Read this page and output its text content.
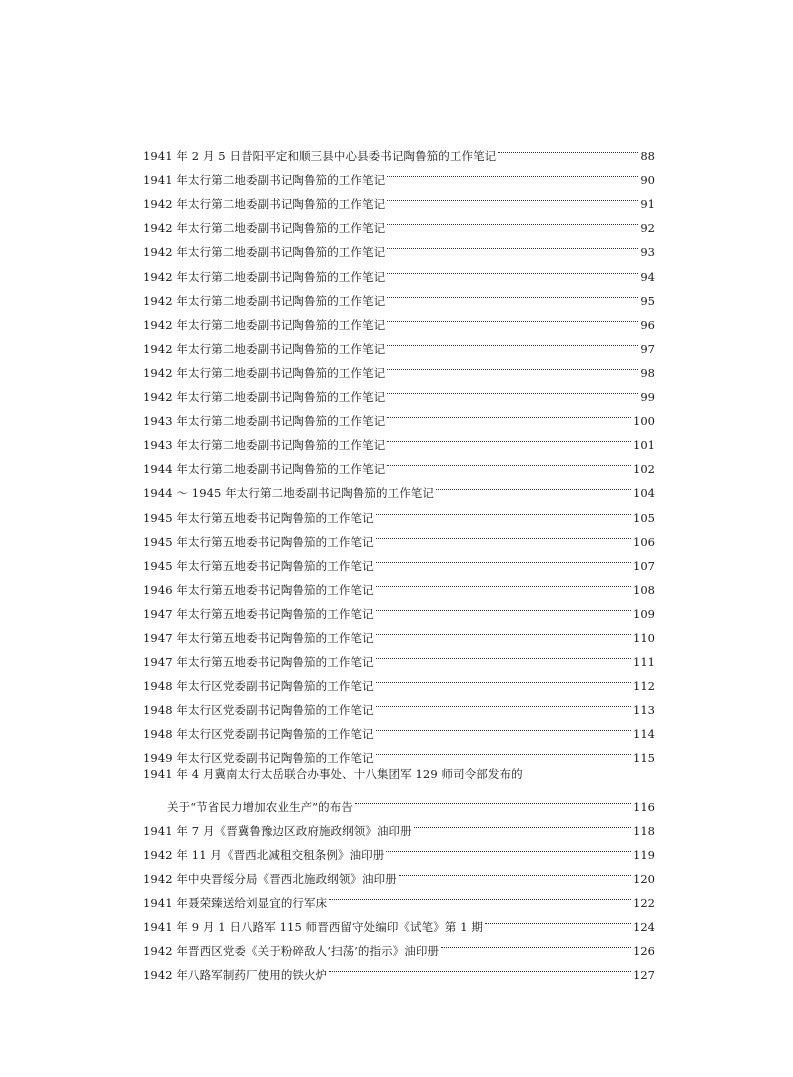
1941 年 2 月 5 日昔阳平定和顺三县中心县委书记陶鲁笳的工作笔记	88
1941 年太行第二地委副书记陶鲁笳的工作笔记	90
1942 年太行第二地委副书记陶鲁笳的工作笔记	91
1942 年太行第二地委副书记陶鲁笳的工作笔记	92
1942 年太行第二地委副书记陶鲁笳的工作笔记	93
1942 年太行第二地委副书记陶鲁笳的工作笔记	94
1942 年太行第二地委副书记陶鲁笳的工作笔记	95
1942 年太行第二地委副书记陶鲁笳的工作笔记	96
1942 年太行第二地委副书记陶鲁笳的工作笔记	97
1942 年太行第二地委副书记陶鲁笳的工作笔记	98
1942 年太行第二地委副书记陶鲁笳的工作笔记	99
1943 年太行第二地委副书记陶鲁笳的工作笔记	100
1943 年太行第二地委副书记陶鲁笳的工作笔记	101
1944 年太行第二地委副书记陶鲁笳的工作笔记	102
1944 ～ 1945 年太行第二地委副书记陶鲁笳的工作笔记	104
1945 年太行第五地委书记陶鲁笳的工作笔记	105
1945 年太行第五地委书记陶鲁笳的工作笔记	106
1945 年太行第五地委书记陶鲁笳的工作笔记	107
1946 年太行第五地委书记陶鲁笳的工作笔记	108
1947 年太行第五地委书记陶鲁笳的工作笔记	109
1947 年太行第五地委书记陶鲁笳的工作笔记	110
1947 年太行第五地委书记陶鲁笳的工作笔记	111
1948 年太行区党委副书记陶鲁笳的工作笔记	112
1948 年太行区党委副书记陶鲁笳的工作笔记	113
1948 年太行区党委副书记陶鲁笳的工作笔记	114
1949 年太行区党委副书记陶鲁笳的工作笔记	115
1941 年 4 月冀南太行太岳联合办事处、十八集团军 129 师司令部发布的
关于“节省民力增加农业生产”的布告	116
1941 年 7 月《晋冀鲁豫边区政府施政纲领》油印册	118
1942 年 11 月《晋西北减租交租条例》油印册	119
1942 年中央晋绥分局《晋西北施政纲领》油印册	120
1941 年聂荣臻送给刘显宜的行军床	122
1941 年 9 月 1 日八路军 115 师晋西留守处编印《试笔》第 1 期	124
1942 年晋西区党委《关于粉碎敌人‘扫荡’的指示》油印册	126
1942 年八路军制药厂使用的铁火炉	127
